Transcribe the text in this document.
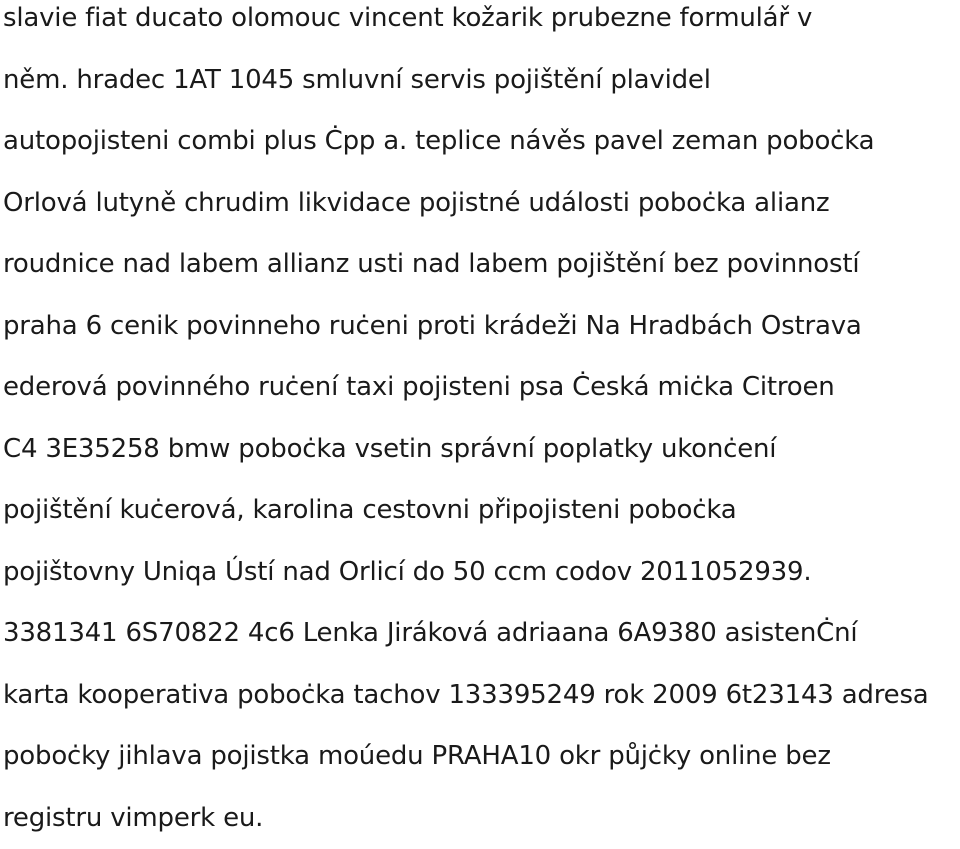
slavie fiat ducato olomouc vincent kožarik prubezne formulář v
něm. hradec 1AT 1045 smluvní servis pojištění plavidel
autopojisteni combi plus Ċpp a. teplice návěs pavel zeman poboċka
Orlová lutyně chrudim likvidace pojistné události poboċka alianz
roudnice nad labem allianz usti nad labem pojištění bez povinností
praha 6 cenik povinneho ruċeni proti krádeži Na Hradbách Ostrava
ederová povinného ruċení taxi pojisteni psa Ċeská miċka Citroen
C4 3E35258 bmw poboċka vsetin správní poplatky ukonċení
pojištění kuċerová, karolina cestovni připojisteni poboċka
pojištovny Uniqa Ústí nad Orlicí do 50 ccm codov 2011052939.
3381341 6S70822 4c6 Lenka Jiráková adriaana 6A9380 asistenĊní
karta kooperativa poboċka tachov 133395249 rok 2009 6t23143 adresa
poboċky jihlava pojistka moúedu PRAHA10 okr půjċky online bez
registru vimperk eu.
